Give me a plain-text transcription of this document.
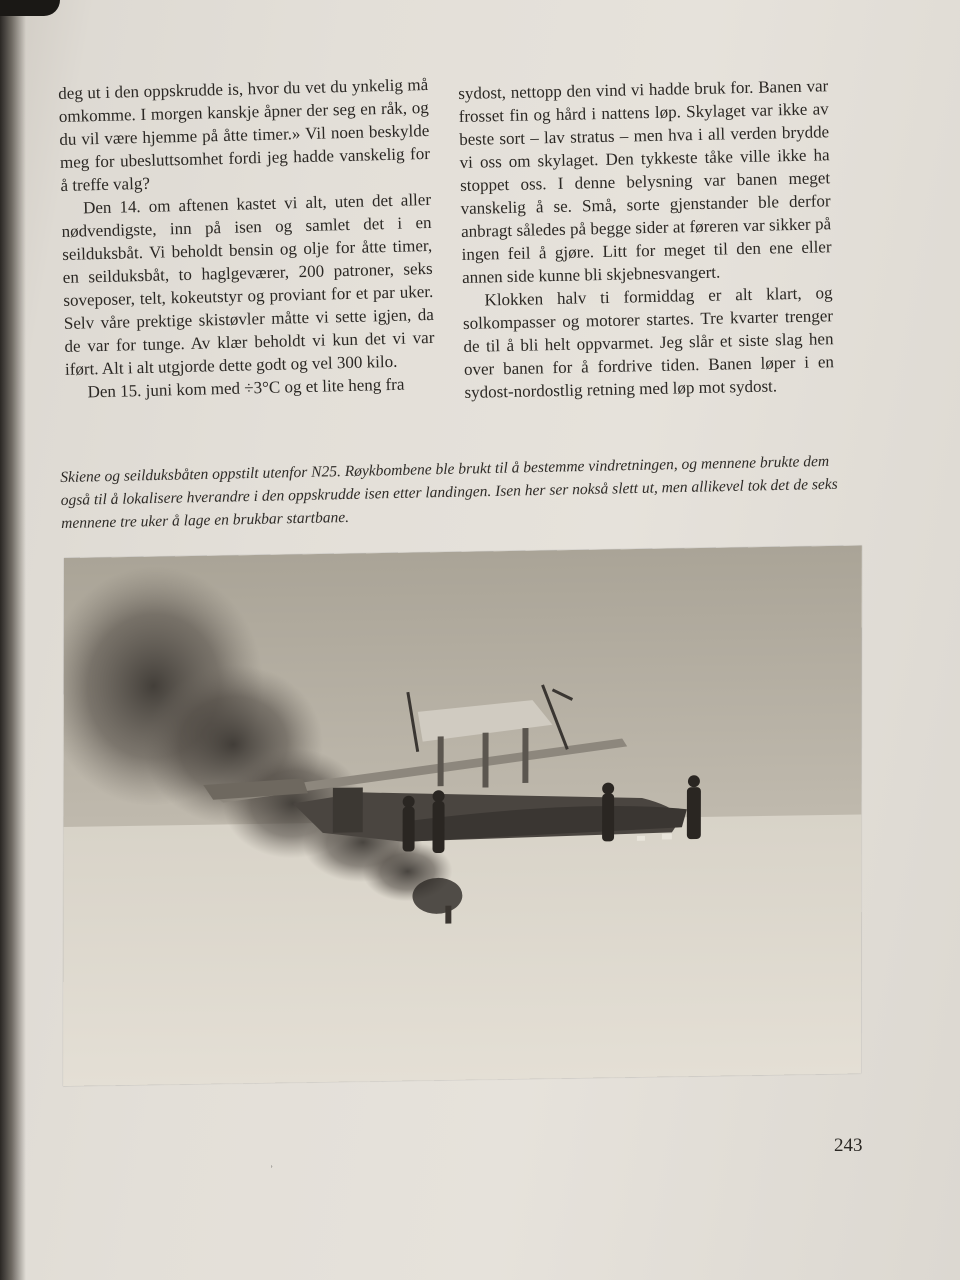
deg ut i den oppskrudde is, hvor du vet du ynkelig må omkomme. I morgen kanskje åpner der seg en råk, og du vil være hjemme på åtte timer.» Vil noen beskylde meg for ubesluttsomhet fordi jeg hadde vanskelig for å treffe valg?

Den 14. om aftenen kastet vi alt, uten det aller nødvendigste, inn på isen og samlet det i en seilduksbåt. Vi beholdt bensin og olje for åtte timer, en seilduksbåt, to haglgeværer, 200 patroner, seks soveposer, telt, kokeutstyr og proviant for et par uker. Selv våre prektige skistøvler måtte vi sette igjen, da de var for tunge. Av klær beholdt vi kun det vi var iført. Alt i alt utgjorde dette godt og vel 300 kilo.

Den 15. juni kom med ÷3°C og et lite heng fra

sydost, nettopp den vind vi hadde bruk for. Banen var frosset fin og hård i nattens løp. Skylaget var ikke av beste sort – lav stratus – men hva i all verden brydde vi oss om skylaget. Den tykkeste tåke ville ikke ha stoppet oss. I denne belysning var banen meget vanskelig å se. Små, sorte gjenstander ble derfor anbragt således på begge sider at føreren var sikker på ingen feil å gjøre. Litt for meget til den ene eller annen side kunne bli skjebnesvangert.

Klokken halv ti formiddag er alt klart, og solkompasser og motorer startes. Tre kvarter trenger de til å bli helt oppvarmet. Jeg slår et siste slag hen over banen for å fordrive tiden. Banen løper i en sydost-nordostlig retning med løp mot sydost.

Skiene og seilduksbåten oppstilt utenfor N25. Røykbombene ble brukt til å bestemme vindretningen, og mennene brukte dem også til å lokalisere hverandre i den oppskrudde isen etter landingen. Isen her ser nokså slett ut, men allikevel tok det de seks mennene tre uker å lage en brukbar startbane.
243
˒
